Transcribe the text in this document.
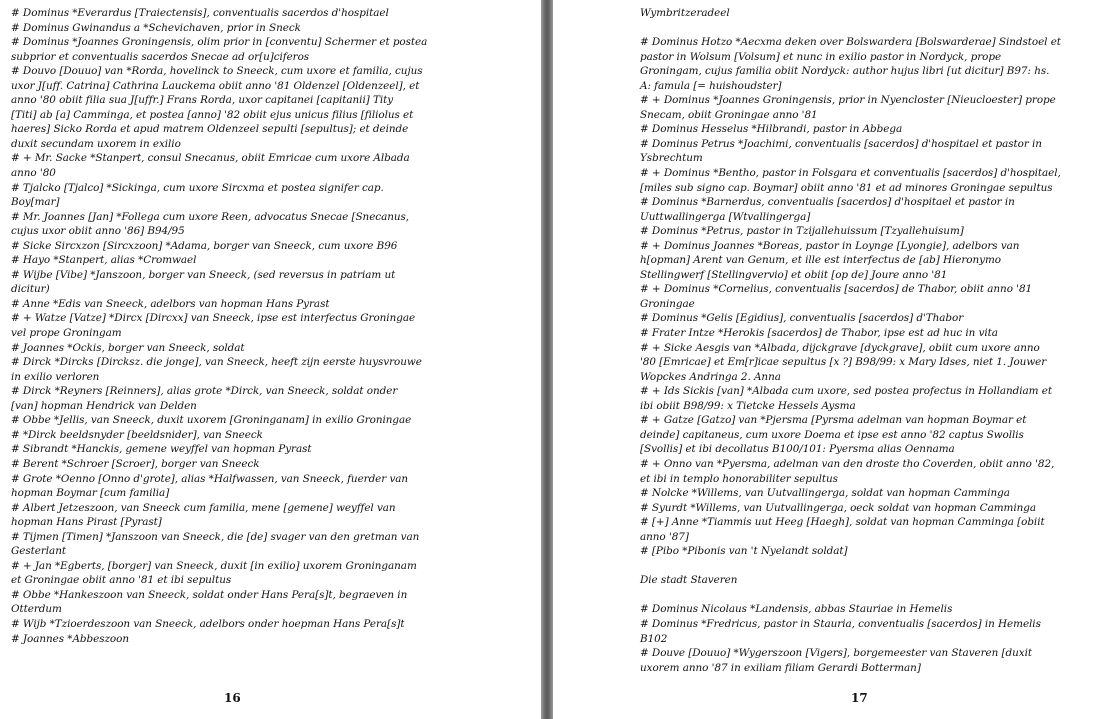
# Dominus *Everardus [Traiectensis], conventualis sacerdos d'hospitael
# Dominus Gwinandus a *Schevichaven, prior in Sneck
# Dominus *Joannes Groningensis, olim prior in [conventu] Schermer et postea
subprior et conventualis sacerdos Snecae ad or[u]ciferos
# Douvo [Douuo] van *Rorda, hovelinck to Sneeck, cum uxore et familia, cujus
uxor J[uff. Catrina] Cathrina Lauckema obiit anno '81 Oldenzel [Oldenzeel], et
anno '80 obiit filia sua J[uffr.] Frans Rorda, uxor capitanei [capitanii] Tity
[Titi] ab [a] Camminga, et postea [anno] '82 obiit ejus unicus filius [filiolus et
haeres] Sicko Rorda et apud matrem Oldenzeel sepulti [sepultus]; et deinde
duxit secundam uxorem in exilio
# + Mr. Sacke *Stanpert, consul Snecanus, obiit Emricae cum uxore Albada
anno '80
# Tjalcko [Tjalco] *Sickinga, cum uxore Sircxma et postea signifer cap.
Boy[mar]
# Mr. Joannes [Jan] *Follega cum uxore Reen, advocatus Snecae [Snecanus,
cujus uxor obiit anno '86] B94/95
# Sicke Sircxzon [Sircxzoon] *Adama, borger van Sneeck, cum uxore B96
# Hayo *Stanpert, alias *Cromwael
# Wijbe [Vibe] *Janszoon, borger van Sneeck, (sed reversus in patriam ut
dicitur)
# Anne *Edis van Sneeck, adelbors van hopman Hans Pyrast
# + Watze [Vatze] *Dircx [Dircxx] van Sneeck, ipse est interfectus Groningae
vel prope Groningam
# Joannes *Ockis, borger van Sneeck, soldat
# Dirck *Dircks [Dircksz. die jonge], van Sneeck, heeft zijn eerste huysvrouwe
in exilio verloren
# Dirck *Reyners [Reinners], alias grote *Dirck, van Sneeck, soldat onder
[van] hopman Hendrick van Delden
# Obbe *Jellis, van Sneeck, duxit uxorem [Groninganam] in exilio Groningae
# *Dirck beeldsnyder [beeldsnider], van Sneeck
# Sibrandt *Hanckis, gemene weyffel van hopman Pyrast
# Berent *Schroer [Scroer], borger van Sneeck
# Grote *Oenno [Onno d'grote], alias *Halfwassen, van Sneeck, fuerder van
hopman Boymar [cum familia]
# Albert Jetzeszoon, van Sneeck cum familia, mene [gemene] weyffel van
hopman Hans Pirast [Pyrast]
# Tijmen [Timen] *Janszoon van Sneeck, die [de] svager van den gretman van
Gesterlant
# + Jan *Egberts, [borger] van Sneeck, duxit [in exilio] uxorem Groninganam
et Groningae obiit anno '81 et ibi sepultus
# Obbe *Hankeszoon van Sneeck, soldat onder Hans Pera[s]t, begraeven in
Otterdum
# Wijb *Tzioerdeszoon van Sneeck, adelbors onder hoepman Hans Pera[s]t
# Joannes *Abbeszoon
16
Wymbritzeradeel
# Dominus Hotzo *Aecxma deken over Bolswardera [Bolswarderae] Sindstoel et
pastor in Wolsum [Volsum] et nunc in exilio pastor in Nordyck, prope
Groningam, cujus familia obiit Nordyck: author hujus libri [ut dicitur] B97: hs.
A: famula [= huishoudster]
# + Dominus *Joannes Groningensis, prior in Nyencloster [Nieucloester] prope
Snecam, obiit Groningae anno '81
# Dominus Hesselus *Hilbrandi, pastor in Abbega
# Dominus Petrus *Joachimi, conventualis [sacerdos] d'hospitael et pastor in
Ysbrechtum
# + Dominus *Bentho, pastor in Folsgara et conventualis [sacerdos] d'hospitael,
[miles sub signo cap. Boymar] obiit anno '81 et ad minores Groningae sepultus
# Dominus *Barnerdus, conventualis [sacerdos] d'hospitael et pastor in
Uuttwallingerga [Wtvallingerga]
# Dominus *Petrus, pastor in Tzijallehuissum [Tzyallehuisum]
# + Dominus Joannes *Boreas, pastor in Loynge [Lyongie], adelbors van
h[opman] Arent van Genum, et ille est interfectus de [ab] Hieronymo
Stellingwerf [Stellingvervio] et obiit [op de] Joure anno '81
# + Dominus *Cornelius, conventualis [sacerdos] de Thabor, obiit anno '81
Groningae
# Dominus *Gelis [Egidius], conventualis [sacerdos] d'Thabor
# Frater Intze *Herokis [sacerdos] de Thabor, ipse est ad huc in vita
# + Sicke Aesgis van *Albada, dijckgrave [dyckgrave], obiit cum uxore anno
'80 [Emricae] et Em[r]icae sepultus [x ?] B98/99: x Mary Idses, niet 1. Jouwer
Wopckes Andringa 2. Anna
# + Ids Sickis [van] *Albada cum uxore, sed postea profectus in Hollandiam et
ibi obiit B98/99: x Tietcke Hessels Aysma
# + Gatze [Gatzo] van *Pjersma [Pyrsma adelman van hopman Boymar et
deinde] capitaneus, cum uxore Doema et ipse est anno '82 captus Swollis
[Svollis] et ibi decollatus B100/101: Pyersma alias Oennama
# + Onno van *Pyersma, adelman van den droste tho Coverden, obiit anno '82,
et ibi in templo honorabiliter sepultus
# Nolcke *Willems, van Uutvallingerga, soldat van hopman Camminga
# Syurdt *Willems, van Uutvallingerga, oeck soldat van hopman Camminga
# [+] Anne *Tiammis uut Heeg [Haegh], soldat van hopman Camminga [obiit
anno '87]
# [Pibo *Pibonis van 't Nyelandt soldat]
Die stadt Staveren
# Dominus Nicolaus *Landensis, abbas Stauriae in Hemelis
# Dominus *Fredricus, pastor in Stauria, conventualis [sacerdos] in Hemelis
B102
# Douve [Douuo] *Wygerszoon [Vigers], borgemeester van Staveren [duxit
uxorem anno '87 in exiliam filiam Gerardi Botterman]
17
